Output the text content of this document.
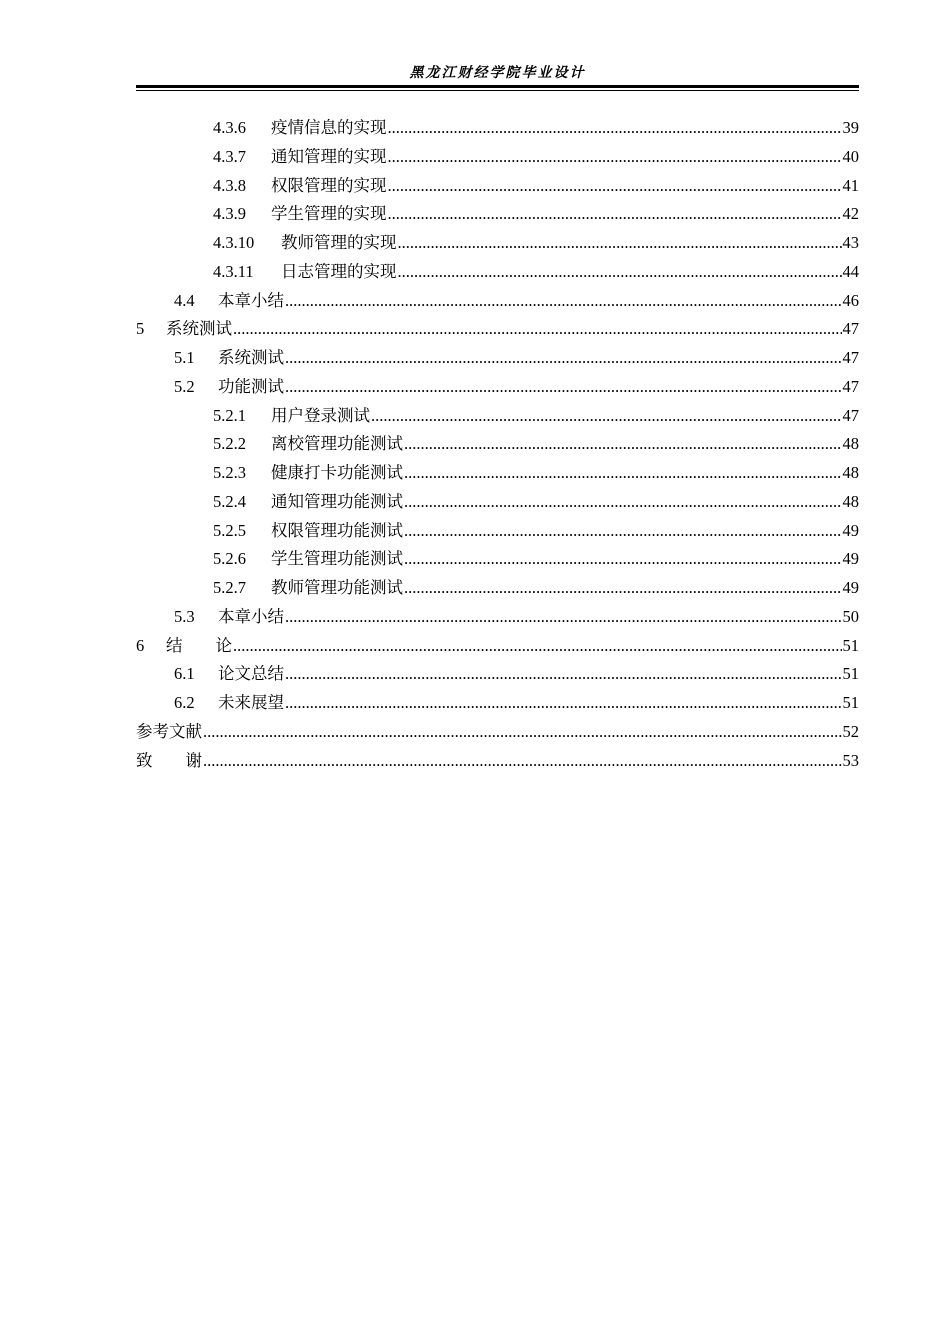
黑龙江财经学院毕业设计
4.3.6	疫情信息的实现 .....	39
4.3.7	通知管理的实现 .....	40
4.3.8	权限管理的实现 .....	41
4.3.9	学生管理的实现 .....	42
4.3.10	教师管理的实现 .....	43
4.3.11	日志管理的实现 .....	44
4.4	本章小结 .....	46
5	系统测试 .....	47
5.1	系统测试 .....	47
5.2	功能测试 .....	47
5.2.1	用户登录测试 .....	47
5.2.2	离校管理功能测试 .....	48
5.2.3	健康打卡功能测试 .....	48
5.2.4	通知管理功能测试 .....	48
5.2.5	权限管理功能测试 .....	49
5.2.6	学生管理功能测试 .....	49
5.2.7	教师管理功能测试 .....	49
5.3	本章小结 .....	50
6	结　　论 .....	51
6.1	论文总结 .....	51
6.2	未来展望 .....	51
参考文献 .....	52
致　　谢 .....	53
